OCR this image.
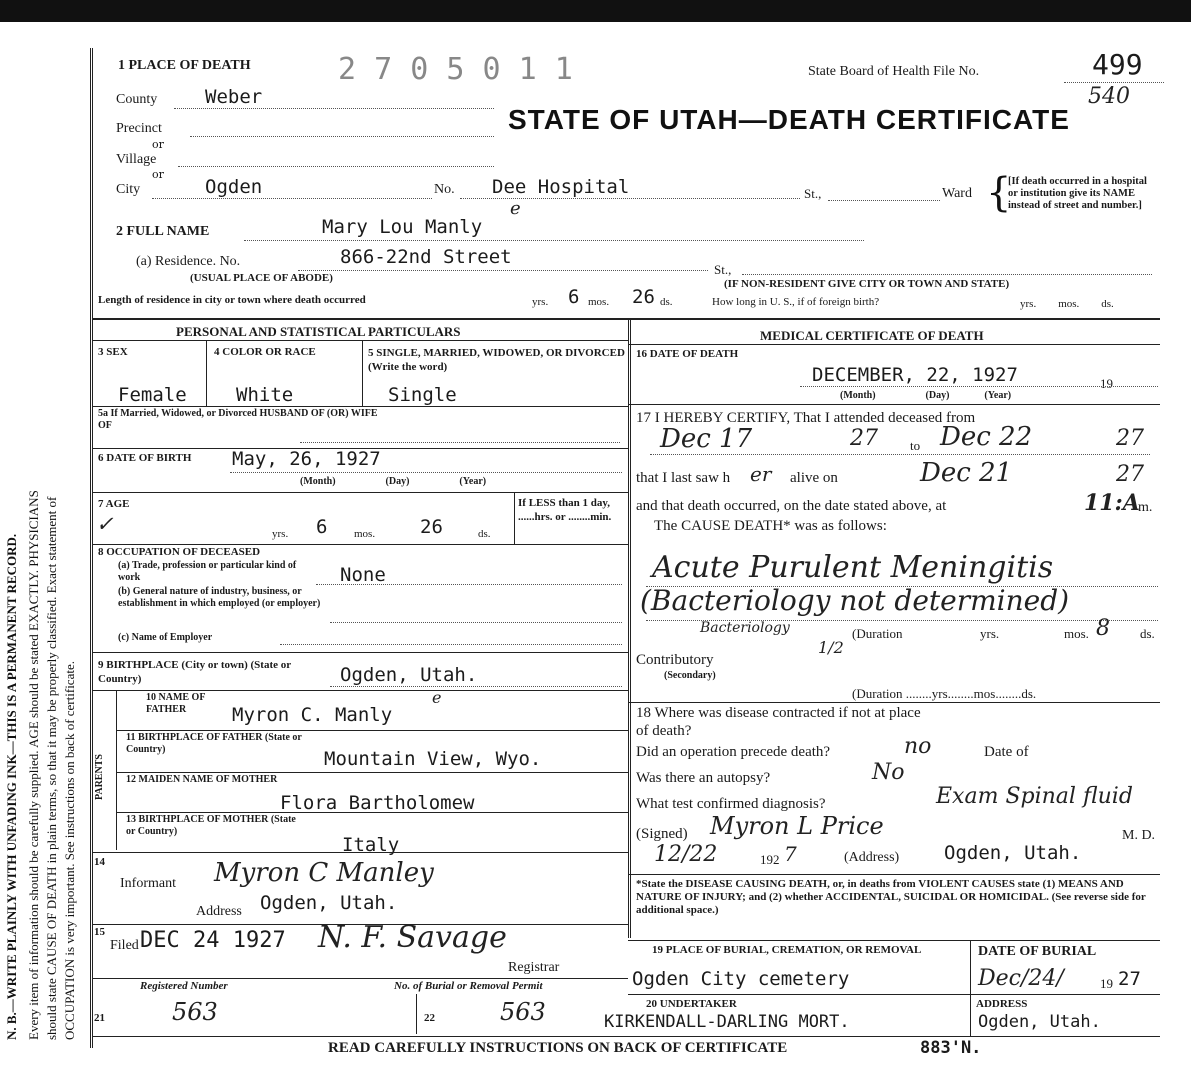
N. B.—WRITE PLAINLY WITH UNFADING INK—THIS IS A PERMANENT RECORD. Every item of information should be carefully supplied. AGE should be stated EXACTLY. PHYSICIANS should state CAUSE OF DEATH in plain terms, so that it may be properly classified. Exact statement of OCCUPATION is very important. See instructions on back of certificate.
1 PLACE OF DEATH	2 7 0 5 0 1 1	State Board of Health File No.	499
540
STATE OF UTAH—DEATH CERTIFICATE
County	Weber
Precinct
or
Village
or
City	Ogden	No. Dee Hospital	St.,	Ward {
[If death occurred in a hospital or institution give its NAME instead of street and number.]
2 FULL NAME	Mary Lou Manly
e
(a) Residence. No.	866-22nd Street
(USUAL PLACE OF ABODE)
St.,
(IF NON-RESIDENT GIVE CITY OR TOWN AND STATE)
Length of residence in city or town where death occurred	yrs. 6 mos. 26 ds.	How long in U. S., if of foreign birth?	yrs.        mos.        ds.
PERSONAL AND STATISTICAL PARTICULARS
3 SEX
Female
4 COLOR OR RACE
White
5 SINGLE, MARRIED, WIDOWED, OR DIVORCED (Write the word)
Single
5a If Married, Widowed, or Divorced HUSBAND OF (OR) WIFE OF
6 DATE OF BIRTH May, 26, 1927
(Month)                    (Day)                    (Year)
7 AGE
✓	yrs. 6 mos. 26	ds.
If LESS than 1 day, ......hrs. or ........min.
8 OCCUPATION OF DECEASED
(a) Trade, profession or particular kind of work	None
(b) General nature of industry, business, or establishment in which employed (or employer)
(c) Name of Employer
9 BIRTHPLACE (City or town) (State or Country)	Ogden, Utah.
PARENTS
10 NAME OF FATHER	Myron C. Manly
e
11 BIRTHPLACE OF FATHER (State or Country)	Mountain View, Wyo.
12 MAIDEN NAME OF MOTHER
Flora Bartholomew
13 BIRTHPLACE OF MOTHER (State or Country)
Italy
14
Informant Myron C Manley
Address Ogden, Utah.
15
Filed DEC 24 1927 N. F. Savage
Registrar
Registered Number	No. of Burial or Removal Permit
21	563	22	563
MEDICAL CERTIFICATE OF DEATH
16 DATE OF DEATH
DECEMBER, 22, 1927	19
(Month)                    (Day)              (Year)
17 I HEREBY CERTIFY, That I attended deceased from
Dec 17	27 to Dec 22	27
that I last saw h er alive on	Dec 21	27
and that death occurred, on the date stated above, at	11:A
m.
The CAUSE DEATH* was as follows:
Acute Purulent Meningitis
(Bacteriology not determined)
Bacteriology	(Duration	yrs.	8
mos.	ds.
1/2
Contributory
(Secondary)
(Duration ........yrs........mos........ds.
18 Where was disease contracted if not at place of death?
Did an operation precede death?	no	Date of
Was there an autopsy?	No
What test confirmed diagnosis?	Exam Spinal fluid
(Signed) Myron L Price	M. D.
12/22	192 7	(Address) Ogden, Utah.
*State the DISEASE CAUSING DEATH, or, in deaths from VIOLENT CAUSES state (1) MEANS AND NATURE OF INJURY; and (2) whether ACCIDENTAL, SUICIDAL OR HOMICIDAL. (See reverse side for additional space.)
19 PLACE OF BURIAL, CREMATION, OR REMOVAL
Ogden City cemetery
DATE OF BURIAL
Dec/24/	19 27
20 UNDERTAKER	ADDRESS
KIRKENDALL-DARLING MORT.	Ogden, Utah.
READ CAREFULLY INSTRUCTIONS ON BACK OF CERTIFICATE	883'N.
